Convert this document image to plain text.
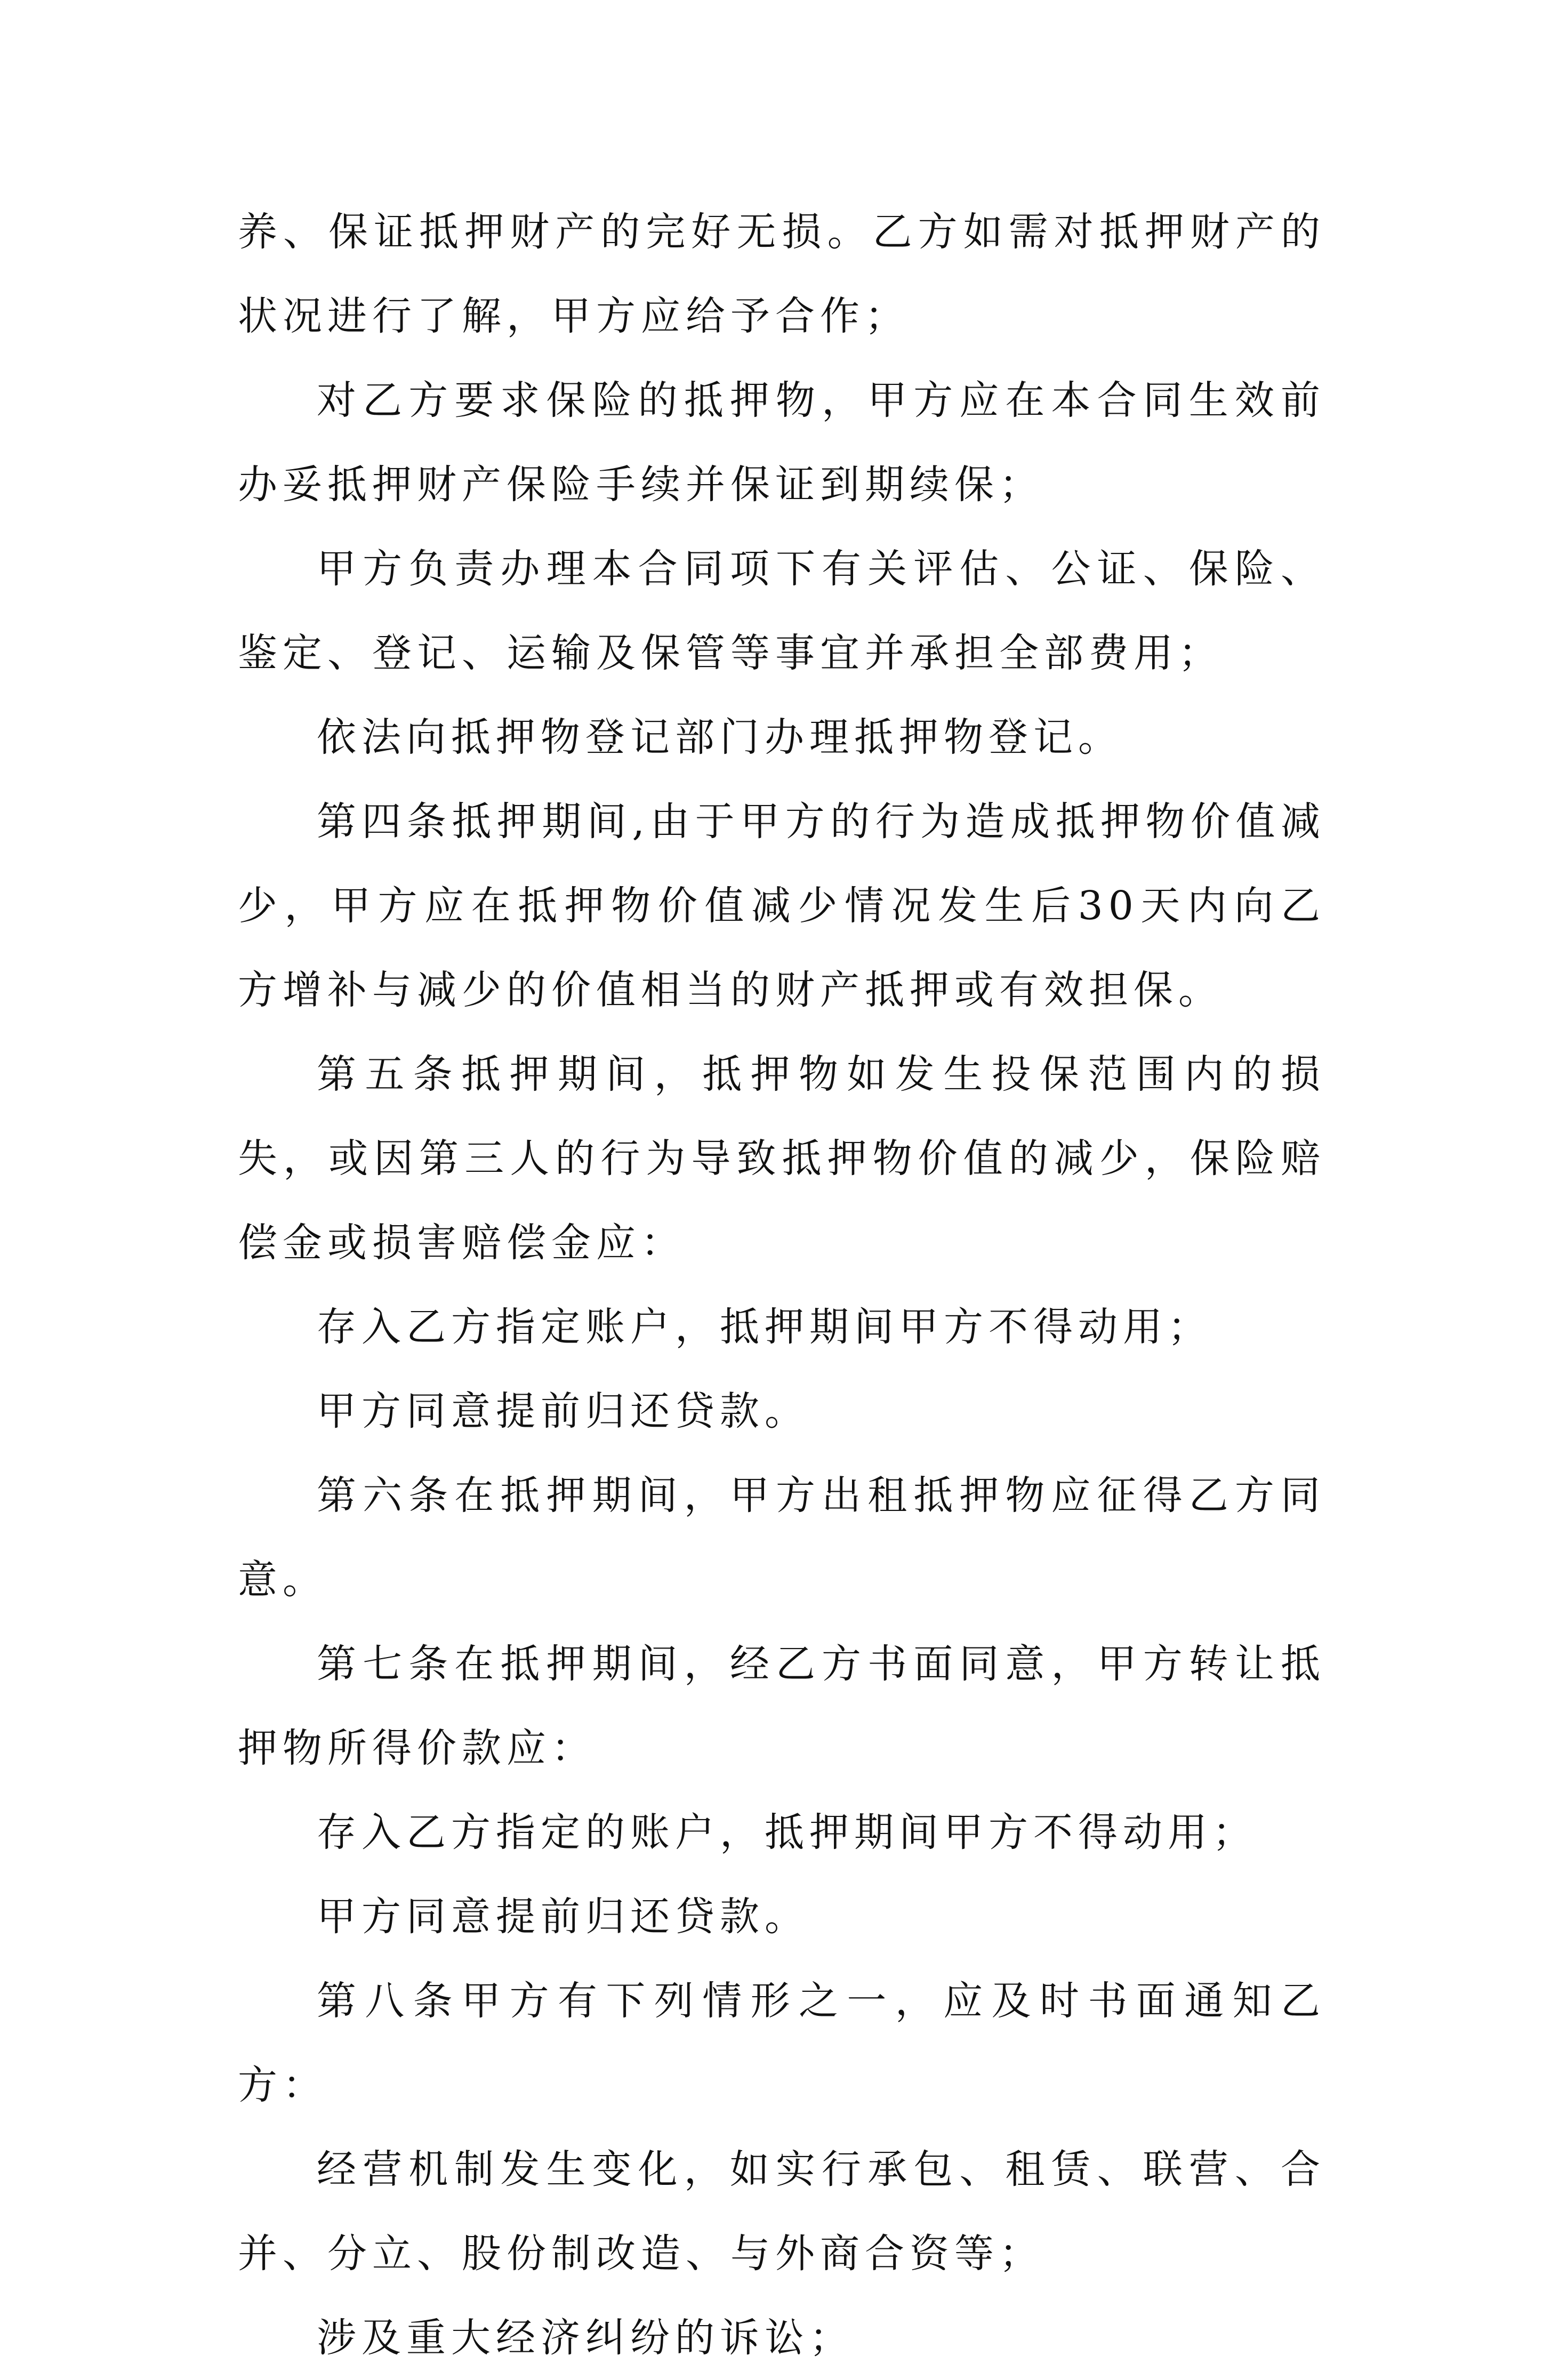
养、保证抵押财产的完好无损。乙方如需对抵押财产的状况进行了解，甲方应给予合作；

对乙方要求保险的抵押物，甲方应在本合同生效前办妥抵押财产保险手续并保证到期续保；

甲方负责办理本合同项下有关评估、公证、保险、鉴定、登记、运输及保管等事宜并承担全部费用；

依法向抵押物登记部门办理抵押物登记。

第四条抵押期间,由于甲方的行为造成抵押物价值减少，甲方应在抵押物价值减少情况发生后30天内向乙方增补与减少的价值相当的财产抵押或有效担保。

第五条抵押期间，抵押物如发生投保范围内的损失，或因第三人的行为导致抵押物价值的减少，保险赔偿金或损害赔偿金应：

存入乙方指定账户，抵押期间甲方不得动用；

甲方同意提前归还贷款。

第六条在抵押期间，甲方出租抵押物应征得乙方同意。

第七条在抵押期间，经乙方书面同意，甲方转让抵押物所得价款应：

存入乙方指定的账户，抵押期间甲方不得动用；

甲方同意提前归还贷款。

第八条甲方有下列情形之一，应及时书面通知乙方：

经营机制发生变化，如实行承包、租赁、联营、合并、分立、股份制改造、与外商合资等；

涉及重大经济纠纷的诉讼；
